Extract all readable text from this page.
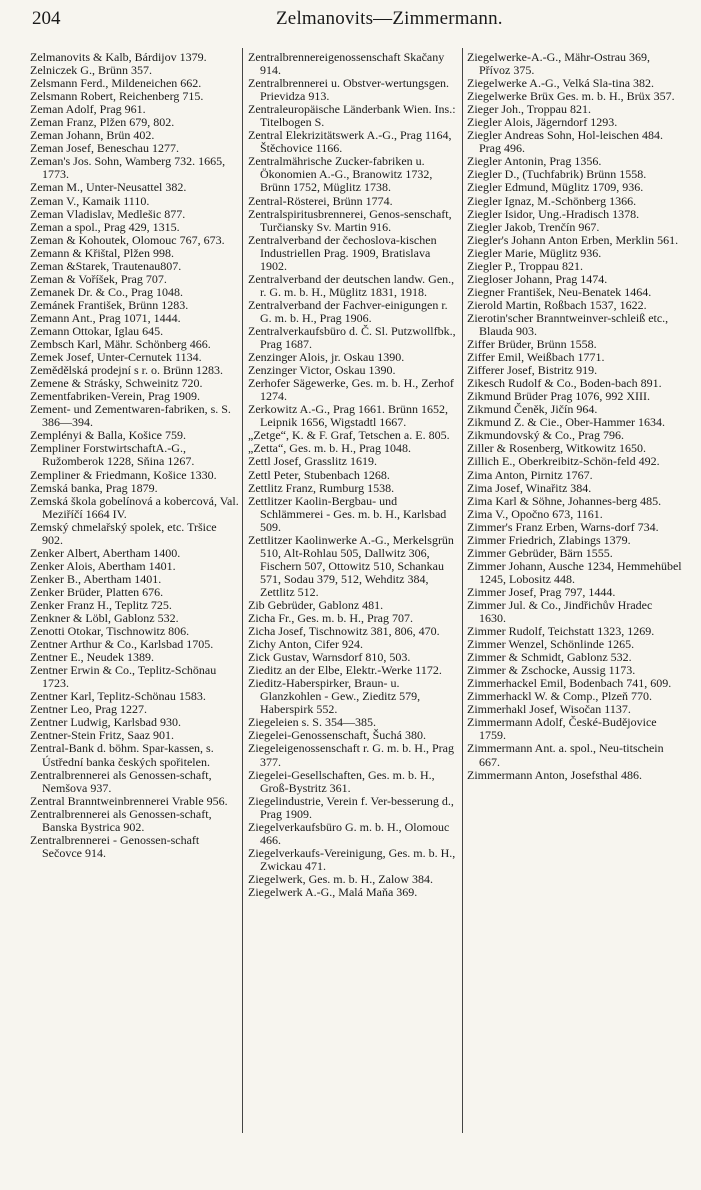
204	Zelmanovits—Zimmermann.

Zelmanovits & Kalb, Bárdijov 1379.

Zelniczek G., Brünn 357.

Zelsmann Ferd., Mildeneichen 662.

Zelsmann Robert, Reichenberg 715.

Zeman Adolf, Prag 961.

Zeman Franz, Plžen 679, 802.

Zeman Johann, Brün 402.

Zeman Josef, Beneschau 1277.

Zeman's Jos. Sohn, Wamberg 732. 1665, 1773.

Zeman M., Unter-Neusattel 382.

Zeman V., Kamaik 1110.

Zeman Vladislav, Medlešic 877.

Zeman a spol., Prag 429, 1315.

Zeman & Kohoutek, Olomouc 767, 673.

Zemann & Křištal, Plžen 998.

Zeman &Starek, Trautenau807.

Zeman & Voříšek, Prag 707.

Zemanek Dr. & Co., Prag 1048.

Zemánek František, Brünn 1283.

Zemann Ant., Prag 1071, 1444.

Zemann Ottokar, Iglau 645.

Zembsch Karl, Mähr. Schönberg 466.

Zemek Josef, Unter-Cernutek 1134.

Zemědělská prodejní s r. o. Brünn 1283.

Zemene & Strásky, Schweinitz 720.

Zementfabriken-Verein, Prag 1909.

Zement- und Zementwaren-fabriken, s. S. 386—394.

Zemplényi & Balla, Košice 759.

Zempliner ForstwirtschaftA.-G., Ružomberok 1228, Sňina 1267.

Zempliner & Friedmann, Košice 1330.

Zemská banka, Prag 1879.

Zemská škola gobelínová a kobercová, Val. Meziříčí 1664 IV.

Zemský chmelařský spolek, etc. Tršice 902.

Zenker Albert, Abertham 1400.

Zenker Alois, Abertham 1401.

Zenker B., Abertham 1401.

Zenker Brüder, Platten 676.

Zenker Franz H., Teplitz 725.

Zenkner & Löbl, Gablonz 532.

Zenotti Otokar, Tischnowitz 806.

Zentner Arthur & Co., Karlsbad 1705.

Zentner E., Neudek 1389.

Zentner Erwin & Co., Teplitz-Schönau 1723.

Zentner Karl, Teplitz-Schönau 1583.

Zentner Leo, Prag 1227.

Zentner Ludwig, Karlsbad 930.

Zentner-Stein Fritz, Saaz 901.

Zentral-Bank d. böhm. Spar-kassen, s. Ústřední banka českých spořitelen.

Zentralbrennerei als Genossen-schaft, Nemšova 937.

Zentral Branntweinbrennerei Vrable 956.

Zentralbrennerei als Genossen-schaft, Banska Bystrica 902.

Zentralbrennerei - Genossen-schaft Sečovce 914.

Zentralbrennereigenossenschaft Skačany 914.

Zentralbrennerei u. Obstver-wertungsgen. Prievidza 913.

Zentraleuropäische Länderbank Wien. Ins.: Titelbogen S.

Zentral Elekrizitätswerk A.-G., Prag 1164, Štěchovice 1166.

Zentralmährische Zucker-fabriken u. Ökonomien A.-G., Branowitz 1732, Brünn 1752, Müglitz 1738.

Zentral-Rösterei, Brünn 1774.

Zentralspiritusbrennerei, Genos-senschaft, Turčiansky Sv. Martin 916.

Zentralverband der čechoslova-kischen Industriellen Prag. 1909, Bratislava 1902.

Zentralverband der deutschen landw. Gen., r. G. m. b. H., Müglitz 1831, 1918.

Zentralverband der Fachver-einigungen r. G. m. b. H., Prag 1906.

Zentralverkaufsbüro d. Č. Sl. Putzwollfbk., Prag 1687.

Zenzinger Alois, jr. Oskau 1390.

Zenzinger Victor, Oskau 1390.

Zerhofer Sägewerke, Ges. m. b. H., Zerhof 1274.

Zerkowitz A.-G., Prag 1661. Brünn 1652, Leipnik 1656, Wigstadtl 1667.

„Zetge“, K. & F. Graf, Tetschen a. E. 805.

„Zetta“, Ges. m. b. H., Prag 1048.

Zettl Josef, Grasslitz 1619.

Zettl Peter, Stubenbach 1268.

Zettlitz Franz, Rumburg 1538.

Zettlitzer Kaolin-Bergbau- und Schlämmerei - Ges. m. b. H., Karlsbad 509.

Zettlitzer Kaolinwerke A.-G., Merkelsgrün 510, Alt-Rohlau 505, Dallwitz 306, Fischern 507, Ottowitz 510, Schankau 571, Sodau 379, 512, Wehditz 384, Zettlitz 512.

Zib Gebrüder, Gablonz 481.

Zicha Fr., Ges. m. b. H., Prag 707.

Zicha Josef, Tischnowitz 381, 806, 470.

Zichy Anton, Cifer 924.

Zick Gustav, Warnsdorf 810, 503.

Zieditz an der Elbe, Elektr.-Werke 1172.

Zieditz-Haberspirker, Braun- u. Glanzkohlen - Gew., Zieditz 579, Haberspirk 552.

Ziegeleien s. S. 354—385.

Ziegelei-Genossenschaft, Šuchá 380.

Ziegeleigenossenschaft r. G. m. b. H., Prag 377.

Ziegelei-Gesellschaften, Ges. m. b. H., Groß-Bystritz 361.

Ziegelindustrie, Verein f. Ver-besserung d., Prag 1909.

Ziegelverkaufsbüro G. m. b. H., Olomouc 466.

Ziegelverkaufs-Vereinigung, Ges. m. b. H., Zwickau 471.

Ziegelwerk, Ges. m. b. H., Zalow 384.

Ziegelwerk A.-G., Malá Maňa 369.

Ziegelwerke-A.-G., Mähr-Ostrau 369, Přívoz 375.

Ziegelwerke A.-G., Velká Sla-tina 382.

Ziegelwerke Brüx Ges. m. b. H., Brüx 357.

Zieger Joh., Troppau 821.

Ziegler Alois, Jägerndorf 1293.

Ziegler Andreas Sohn, Hol-leischen 484. Prag 496.

Ziegler Antonin, Prag 1356.

Ziegler D., (Tuchfabrik) Brünn 1558.

Ziegler Edmund, Müglitz 1709, 936.

Ziegler Ignaz, M.-Schönberg 1366.

Ziegler Isidor, Ung.-Hradisch 1378.

Ziegler Jakob, Trenčín 967.

Ziegler's Johann Anton Erben, Merklin 561.

Ziegler Marie, Müglitz 936.

Ziegler P., Troppau 821.

Ziegloser Johann, Prag 1474.

Ziegner František, Neu-Benatek 1464.

Zierold Martin, Roßbach 1537, 1622.

Zierotin'scher Branntweinver-schleiß etc., Blauda 903.

Ziffer Brüder, Brünn 1558.

Ziffer Emil, Weißbach 1771.

Zifferer Josef, Bistritz 919.

Zikesch Rudolf & Co., Boden-bach 891.

Zikmund Brüder Prag 1076, 992 XIII.

Zikmund Čeněk, Jičín 964.

Zikmund Z. & Cie., Ober-Hammer 1634.

Zikmundovský & Co., Prag 796.

Ziller & Rosenberg, Witkowitz 1650.

Zillich E., Oberkreibitz-Schön-feld 492.

Zima Anton, Pirnitz 1767.

Zima Josef, Winařitz 384.

Zima Karl & Söhne, Johannes-berg 485.

Zima V., Opočno 673, 1161.

Zimmer's Franz Erben, Warns-dorf 734.

Zimmer Friedrich, Zlabings 1379.

Zimmer Gebrüder, Bärn 1555.

Zimmer Johann, Ausche 1234, Hemmehübel 1245, Lobositz 448.

Zimmer Josef, Prag 797, 1444.

Zimmer Jul. & Co., Jindřichův Hradec 1630.

Zimmer Rudolf, Teichstatt 1323, 1269.

Zimmer Wenzel, Schönlinde 1265.

Zimmer & Schmidt, Gablonz 532.

Zimmer & Zschocke, Aussig 1173.

Zimmerhackel Emil, Bodenbach 741, 609.

Zimmerhackl W. & Comp., Plzeň 770.

Zimmerhakl Josef, Wisočan 1137.

Zimmermann Adolf, České-Budějovice 1759.

Zimmermann Ant. a. spol., Neu-titschein 667.

Zimmermann Anton, Josefsthal 486.
